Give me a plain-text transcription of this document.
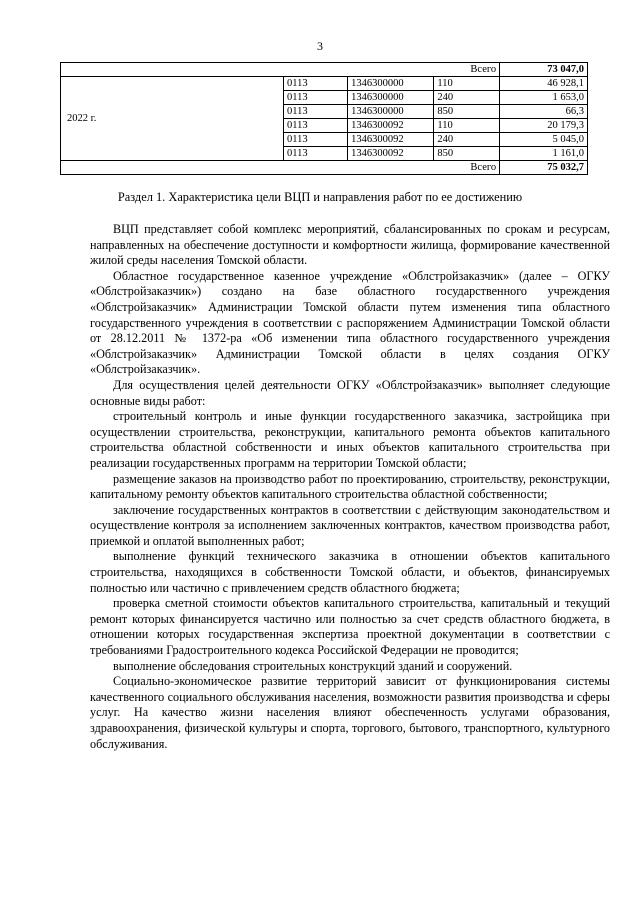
3
Всего				73 047,0
2022 г.	0113	1346300000	110	46 928,1
	0113	1346300000	240	1 653,0
	0113	1346300000	850	66,3
	0113	1346300092	110	20 179,3
	0113	1346300092	240	5 045,0
	0113	1346300092	850	1 161,0
Всего				75 032,7
Раздел 1. Характеристика цели ВЦП и направления работ по ее достижению

ВЦП представляет собой комплекс мероприятий, сбалансированных по срокам и ресурсам, направленных на обеспечение доступности и комфортности жилища, формирование качественной жилой среды населения Томской области.

Областное государственное казенное учреждение «Облстройзаказчик» (далее – ОГКУ «Облстройзаказчик») создано на базе областного государственного учреждения «Облстройзаказчик» Администрации Томской области путем изменения типа областного государственного учреждения в соответствии с распоряжением Администрации Томской области от 28.12.2011 № 1372-ра «Об изменении типа областного государственного учреждения «Облстройзаказчик» Администрации Томской области в целях создания ОГКУ «Облстройзаказчик».

Для осуществления целей деятельности ОГКУ «Облстройзаказчик» выполняет следующие основные виды работ:

строительный контроль и иные функции государственного заказчика, застройщика при осуществлении строительства, реконструкции, капитального ремонта объектов капитального строительства областной собственности и иных объектов капитального строительства при реализации государственных программ на территории Томской области;

размещение заказов на производство работ по проектированию, строительству, реконструкции, капитальному ремонту объектов капитального строительства областной собственности;

заключение государственных контрактов в соответствии с действующим законодательством и осуществление контроля за исполнением заключенных контрактов, качеством производства работ, приемкой и оплатой выполненных работ;

выполнение функций технического заказчика в отношении объектов капитального строительства, находящихся в собственности Томской области, и объектов, финансируемых полностью или частично с привлечением средств областного бюджета;

проверка сметной стоимости объектов капитального строительства, капитальный и текущий ремонт которых финансируется частично или полностью за счет средств областного бюджета, в отношении которых государственная экспертиза проектной документации в соответствии с требованиями Градостроительного кодекса Российской Федерации не проводится;

выполнение обследования строительных конструкций зданий и сооружений.

Социально-экономическое развитие территорий зависит от функционирования системы качественного социального обслуживания населения, возможности развития производства и сферы услуг. На качество жизни населения влияют обеспеченность услугами образования, здравоохранения, физической культуры и спорта, торгового, бытового, транспортного, культурного обслуживания.
